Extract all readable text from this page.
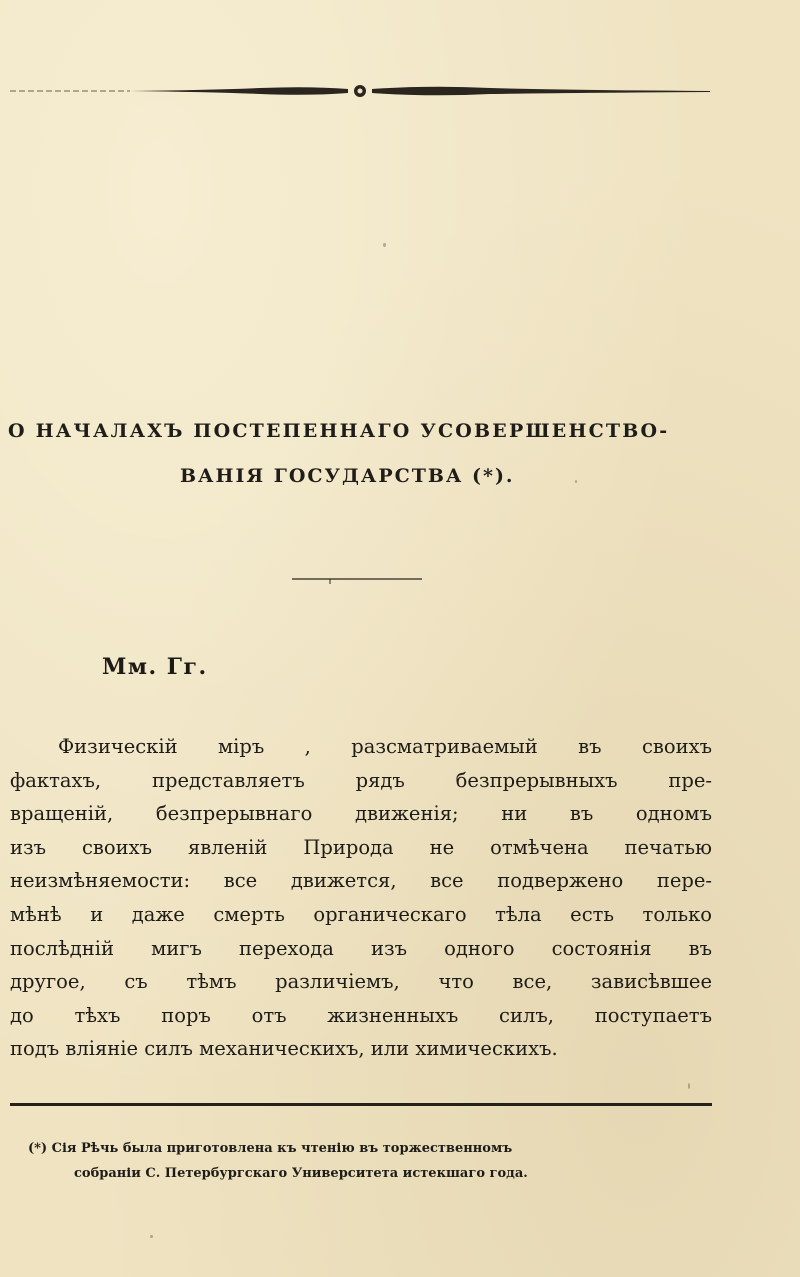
О НАЧАЛАХЪ ПОСТЕПЕННАГО УСОВЕРШЕНСТВО-
ВАНІЯ ГОСУДАРСТВА (*).
Мм. Гг.
Физическій міръ , разсматриваемый въ своихъ
фактахъ, представляетъ рядъ безпрерывныхъ пре-
вращеній, безпрерывнаго движенія; ни въ одномъ
изъ своихъ явленій Природа не отмѣчена печатью
неизмѣняемости: все движется, все подвержено пере-
мѣнѣ и даже смерть органическаго тѣла есть только
послѣдній мигъ перехода изъ одного состоянія въ
другое, съ тѣмъ различіемъ, что все, зависѣвшее
до тѣхъ поръ отъ жизненныхъ силъ, поступаетъ
подъ вліяніе силъ механическихъ, или химическихъ.
(*) Сія Рѣчь была приготовлена къ чтенію въ торжественномъ
собраніи С. Петербургскаго Университета истекшаго года.
